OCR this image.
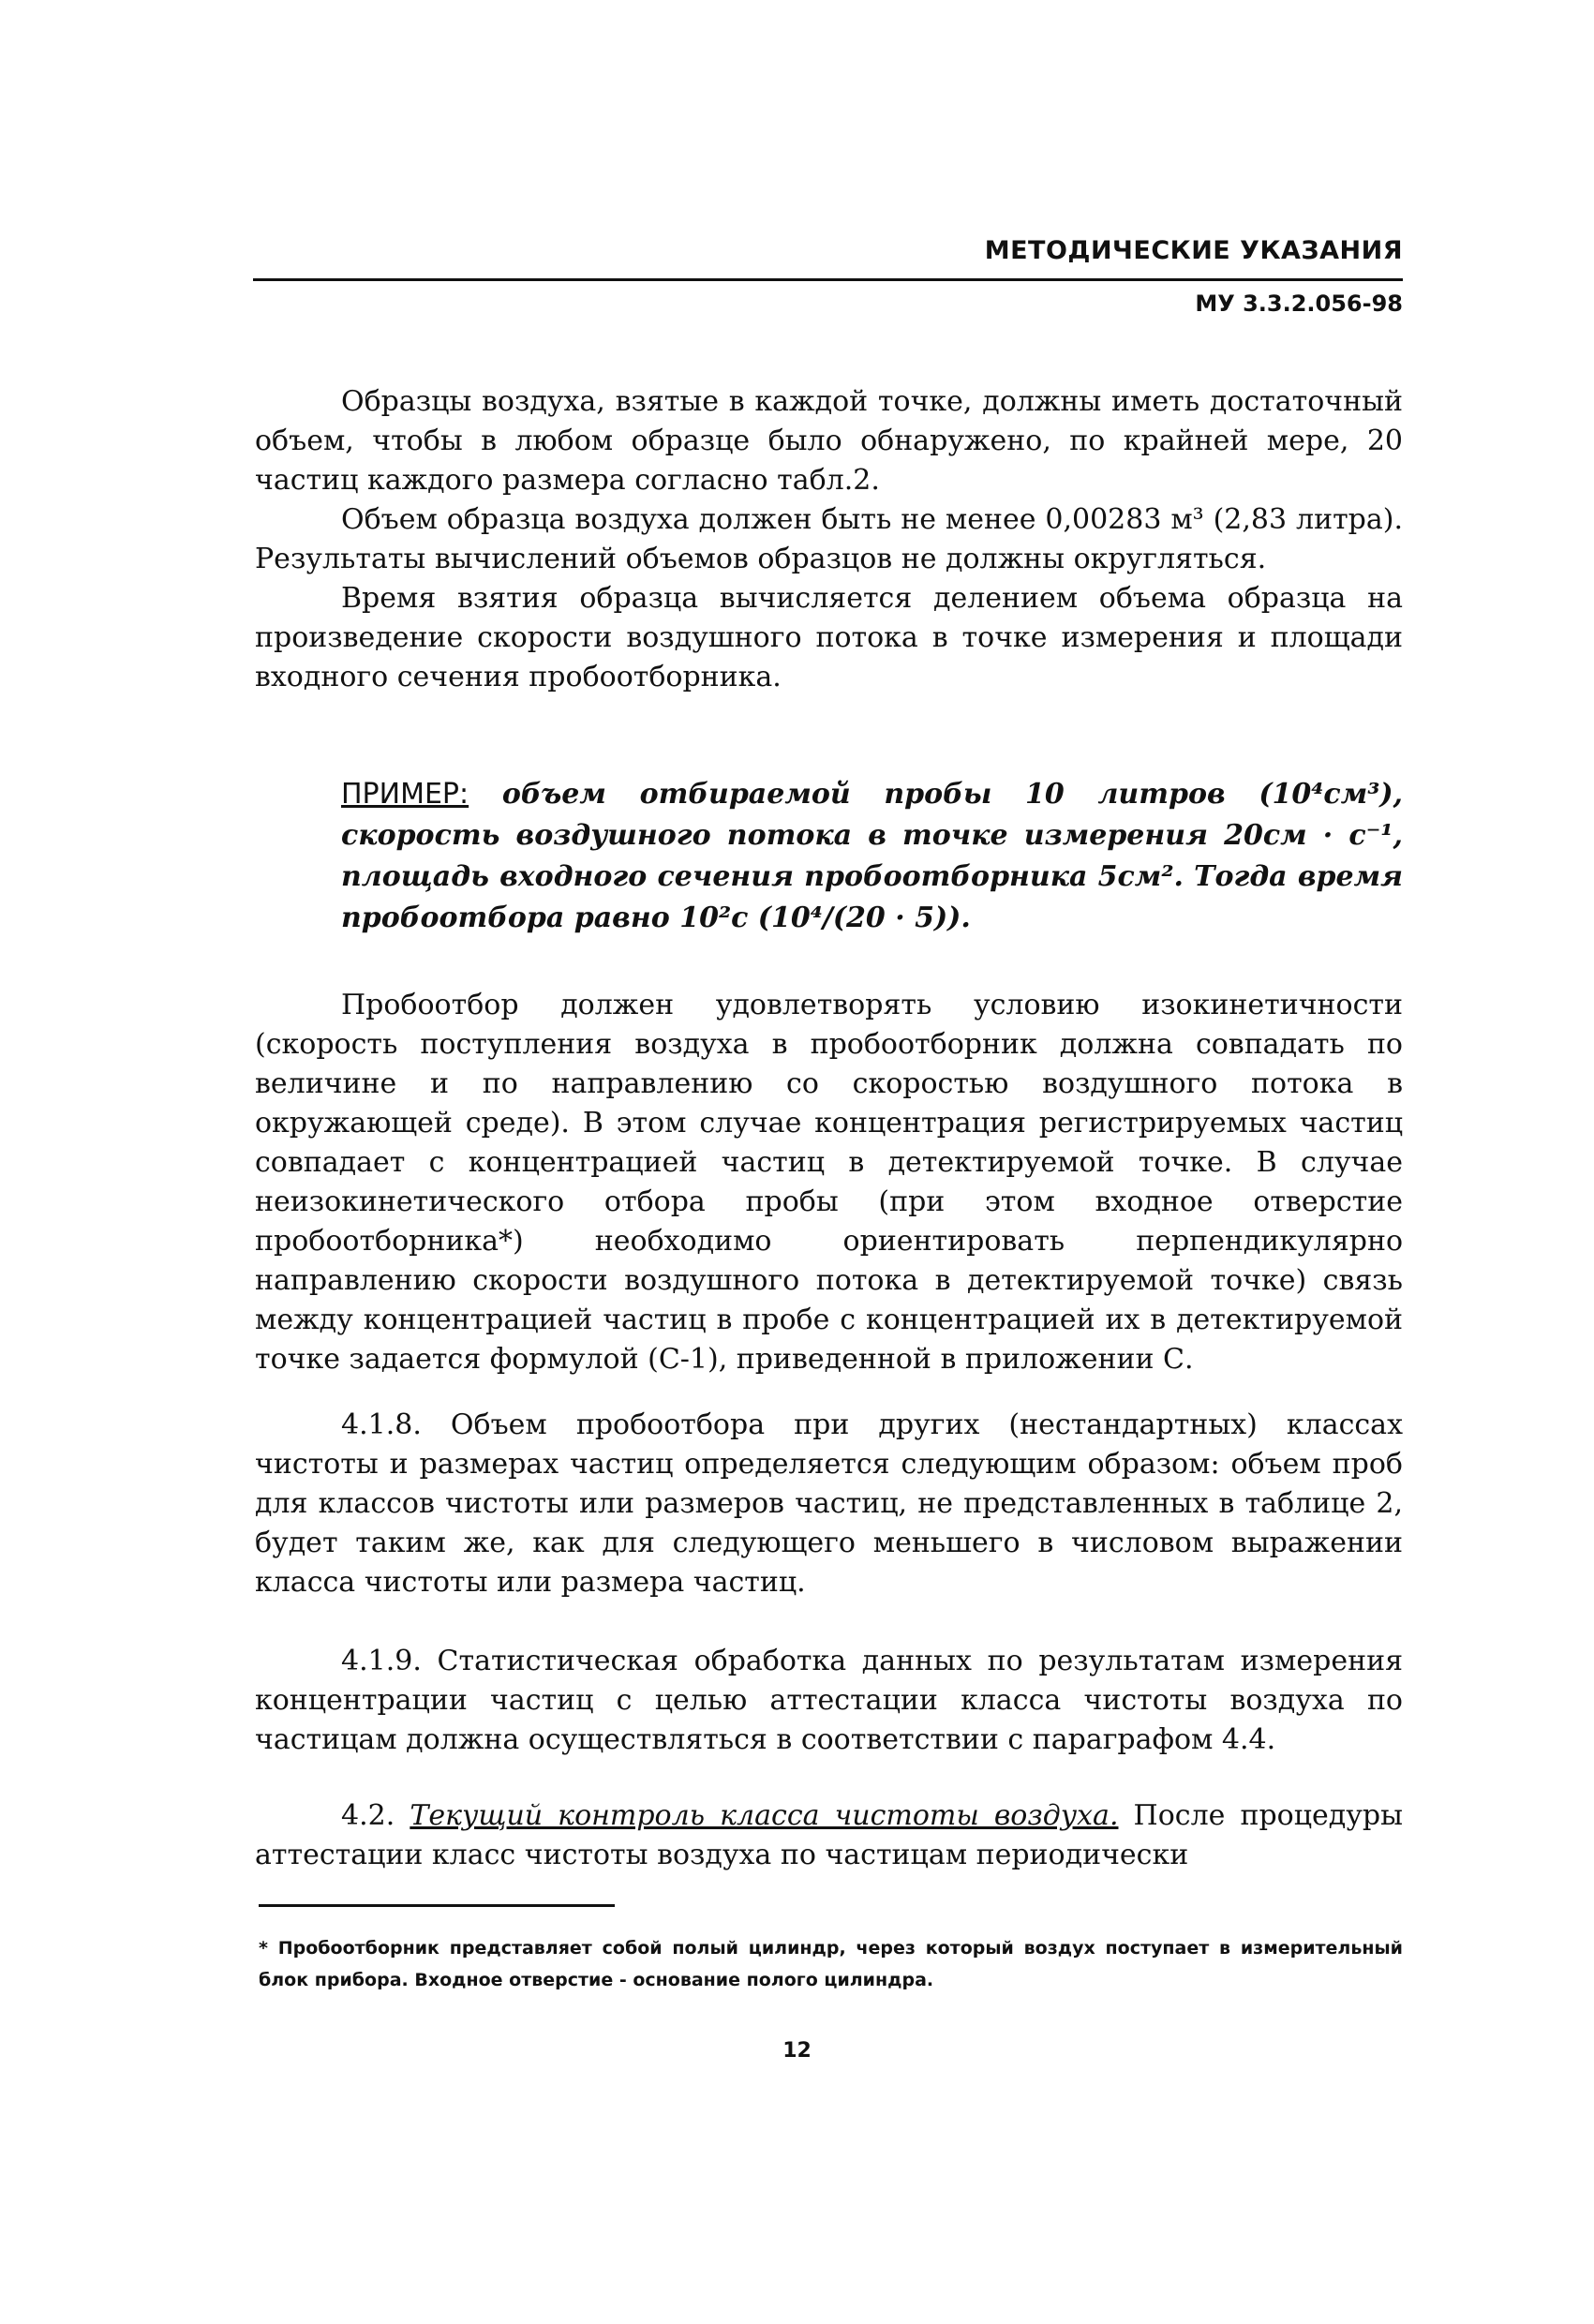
МЕТОДИЧЕСКИЕ УКАЗАНИЯ
МУ 3.3.2.056-98

Образцы воздуха, взятые в каждой точке, должны иметь достаточный объем, чтобы в любом образце было обнаружено, по крайней мере, 20 частиц каждого размера согласно табл.2.

Объем образца воздуха должен быть не менее 0,00283 м³ (2,83 литра). Результаты вычислений объемов образцов не должны округляться.

Время взятия образца вычисляется делением объема образца на произведение скорости воздушного потока в точке измерения и площади входного сечения пробоотборника.

ПРИМЕР: объем отбираемой пробы 10 литров (10⁴см³), скорость воздушного потока в точке измерения 20см · с⁻¹, площадь входного сечения пробоотборника 5см². Тогда время пробоотбора равно 10²с (10⁴/(20 · 5)).

Пробоотбор должен удовлетворять условию изокинетичности (скорость поступления воздуха в пробоотборник должна совпадать по величине и по направлению со скоростью воздушного потока в окружающей среде). В этом случае концентрация регистрируемых частиц совпадает с концентрацией частиц в детектируемой точке. В случае неизокинетического отбора пробы (при этом входное отверстие пробоотборника*) необходимо ориентировать перпендикулярно направлению скорости воздушного потока в детектируемой точке) связь между концентрацией частиц в пробе с концентрацией их в детектируемой точке задается формулой (С-1), приведенной в приложении С.

4.1.8. Объем пробоотбора при других (нестандартных) классах чистоты и размерах частиц определяется следующим образом: объем проб для классов чистоты или размеров частиц, не представленных в таблице 2, будет таким же, как для следующего меньшего в числовом выражении класса чистоты или размера частиц.

4.1.9. Статистическая обработка данных по результатам измерения концентрации частиц с целью аттестации класса чистоты воздуха по частицам должна осуществляться в соответствии с параграфом 4.4.

4.2. Текущий контроль класса чистоты воздуха. После процедуры аттестации класс чистоты воздуха по частицам периодически

* Пробоотборник представляет собой полый цилиндр, через который воздух поступает в измерительный блок прибора. Входное отверстие - основание полого цилиндра.
12
